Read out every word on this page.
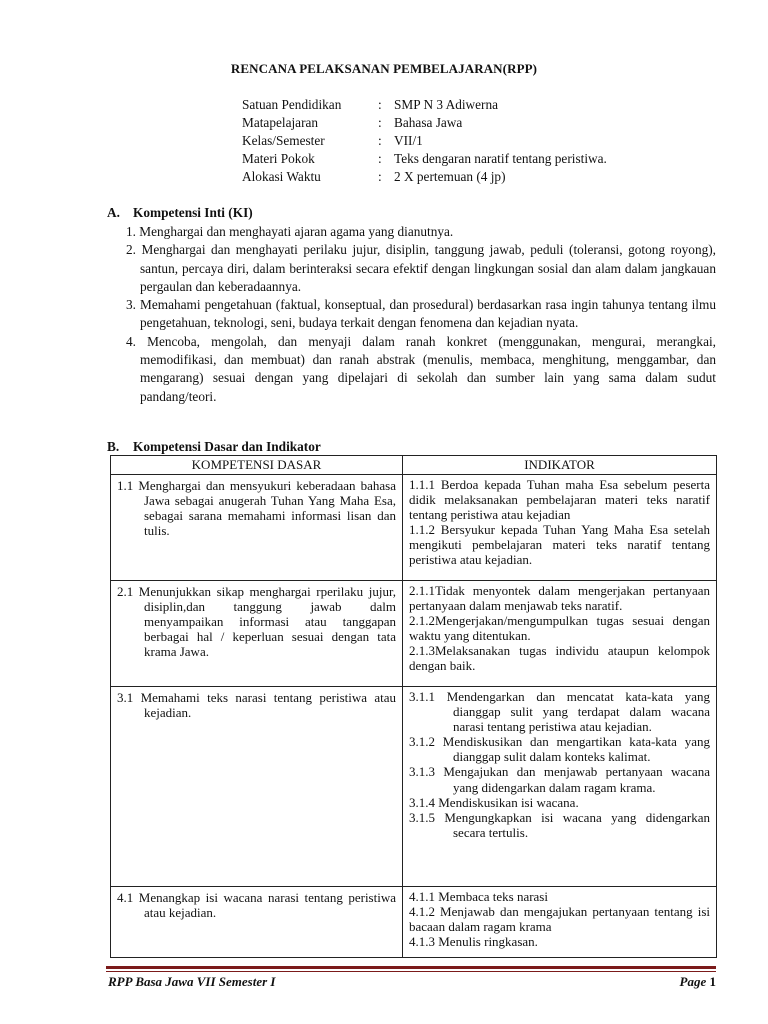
RENCANA PELAKSANAN PEMBELAJARAN(RPP)
Satuan Pendidikan	: SMP N 3 Adiwerna
Matapelajaran	: Bahasa Jawa
Kelas/Semester	: VII/1
Materi Pokok	: Teks dengaran naratif tentang peristiwa.
Alokasi Waktu	: 2 X pertemuan (4 jp)
A. Kompetensi Inti (KI)
1. Menghargai dan menghayati ajaran agama yang dianutnya.
2. Menghargai dan menghayati perilaku jujur, disiplin, tanggung jawab, peduli (toleransi, gotong royong), santun, percaya diri, dalam berinteraksi secara efektif dengan lingkungan sosial dan alam dalam jangkauan pergaulan dan keberadaannya.
3. Memahami pengetahuan (faktual, konseptual, dan prosedural) berdasarkan rasa ingin tahunya tentang ilmu pengetahuan, teknologi, seni, budaya terkait dengan fenomena dan kejadian nyata.
4. Mencoba, mengolah, dan menyaji dalam ranah konkret (menggunakan, mengurai, merangkai, memodifikasi, dan membuat) dan ranah abstrak (menulis, membaca, menghitung, menggambar, dan mengarang) sesuai dengan yang dipelajari di sekolah dan sumber lain yang sama dalam sudut pandang/teori.
B. Kompetensi Dasar dan Indikator
KOMPETENSI DASAR	INDIKATOR

1.1 Menghargai dan mensyukuri keberadaan bahasa Jawa sebagai anugerah Tuhan Yang Maha Esa, sebagai sarana memahami informasi lisan dan tulis.	1.1.1 Berdoa kepada Tuhan maha Esa sebelum peserta didik melaksanakan pembelajaran materi teks naratif tentang peristiwa atau kejadian
1.1.2 Bersyukur kepada Tuhan Yang Maha Esa setelah mengikuti pembelajaran materi teks naratif tentang peristiwa atau kejadian.

2.1 Menunjukkan sikap menghargai rperilaku jujur, disiplin,dan tanggung jawab dalm menyampaikan informasi atau tanggapan berbagai hal / keperluan sesuai dengan tata krama Jawa.	2.1.1Tidak menyontek dalam mengerjakan pertanyaan pertanyaan dalam menjawab teks naratif.
2.1.2Mengerjakan/mengumpulkan tugas sesuai dengan waktu yang ditentukan.
2.1.3Melaksanakan tugas individu ataupun kelompok dengan baik.

3.1 Memahami teks narasi tentang peristiwa atau kejadian.	3.1.1 Mendengarkan dan mencatat kata-kata yang dianggap sulit yang terdapat dalam wacana narasi tentang peristiwa atau kejadian.
3.1.2 Mendiskusikan dan mengartikan kata-kata yang dianggap sulit dalam konteks kalimat.
3.1.3 Mengajukan dan menjawab pertanyaan wacana yang didengarkan dalam ragam krama.
3.1.4 Mendiskusikan isi wacana.
3.1.5 Mengungkapkan isi wacana yang didengarkan secara tertulis.

4.1 Menangkap isi wacana narasi tentang peristiwa atau kejadian.	4.1.1 Membaca teks narasi
4.1.2 Menjawab dan mengajukan pertanyaan tentang isi bacaan dalam ragam krama
4.1.3 Menulis ringkasan.
RPP Basa Jawa VII Semester I	Page 1
